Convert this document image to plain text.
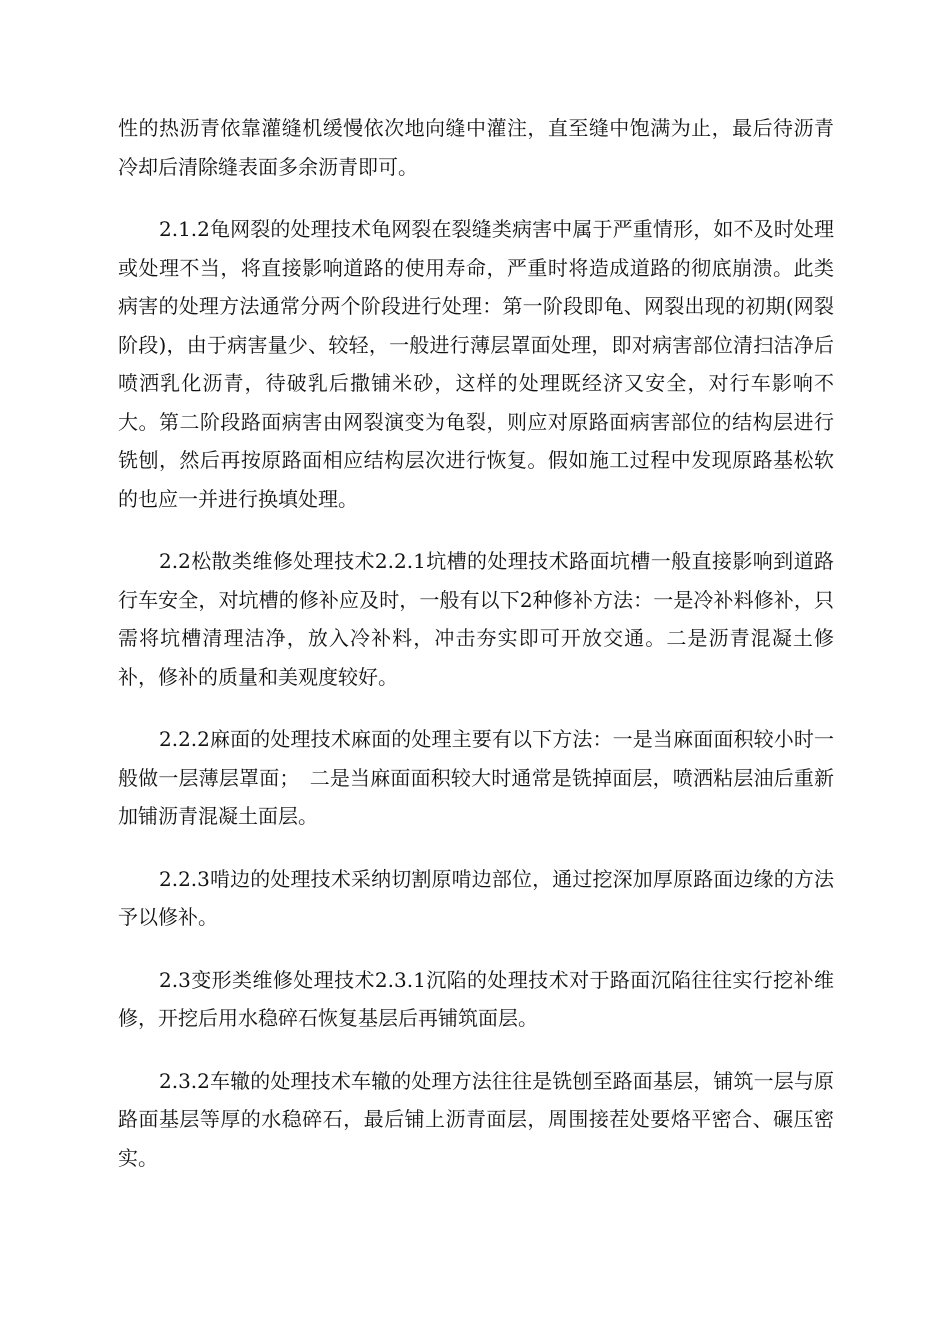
性的热沥青依靠灌缝机缓慢依次地向缝中灌注，直至缝中饱满为止，最后待沥青冷却后清除缝表面多余沥青即可。

2.1.2龟网裂的处理技术龟网裂在裂缝类病害中属于严重情形，如不及时处理或处理不当，将直接影响道路的使用寿命，严重时将造成道路的彻底崩溃。此类病害的处理方法通常分两个阶段进行处理：第一阶段即龟、网裂出现的初期(网裂阶段)，由于病害量少、较轻，一般进行薄层罩面处理，即对病害部位清扫洁净后喷洒乳化沥青，待破乳后撒铺米砂，这样的处理既经济又安全，对行车影响不大。第二阶段路面病害由网裂演变为龟裂，则应对原路面病害部位的结构层进行铣刨，然后再按原路面相应结构层次进行恢复。假如施工过程中发现原路基松软的也应一并进行换填处理。

2.2松散类维修处理技术2.2.1坑槽的处理技术路面坑槽一般直接影响到道路行车安全，对坑槽的修补应及时，一般有以下2种修补方法：一是冷补料修补，只需将坑槽清理洁净，放入冷补料，冲击夯实即可开放交通。二是沥青混凝土修补，修补的质量和美观度较好。

2.2.2麻面的处理技术麻面的处理主要有以下方法：一是当麻面面积较小时一般做一层薄层罩面；　二是当麻面面积较大时通常是铣掉面层，喷洒粘层油后重新加铺沥青混凝土面层。

2.2.3啃边的处理技术采纳切割原啃边部位，通过挖深加厚原路面边缘的方法予以修补。

2.3变形类维修处理技术2.3.1沉陷的处理技术对于路面沉陷往往实行挖补维修，开挖后用水稳碎石恢复基层后再铺筑面层。

2.3.2车辙的处理技术车辙的处理方法往往是铣刨至路面基层，铺筑一层与原路面基层等厚的水稳碎石，最后铺上沥青面层，周围接茬处要烙平密合、碾压密实。
